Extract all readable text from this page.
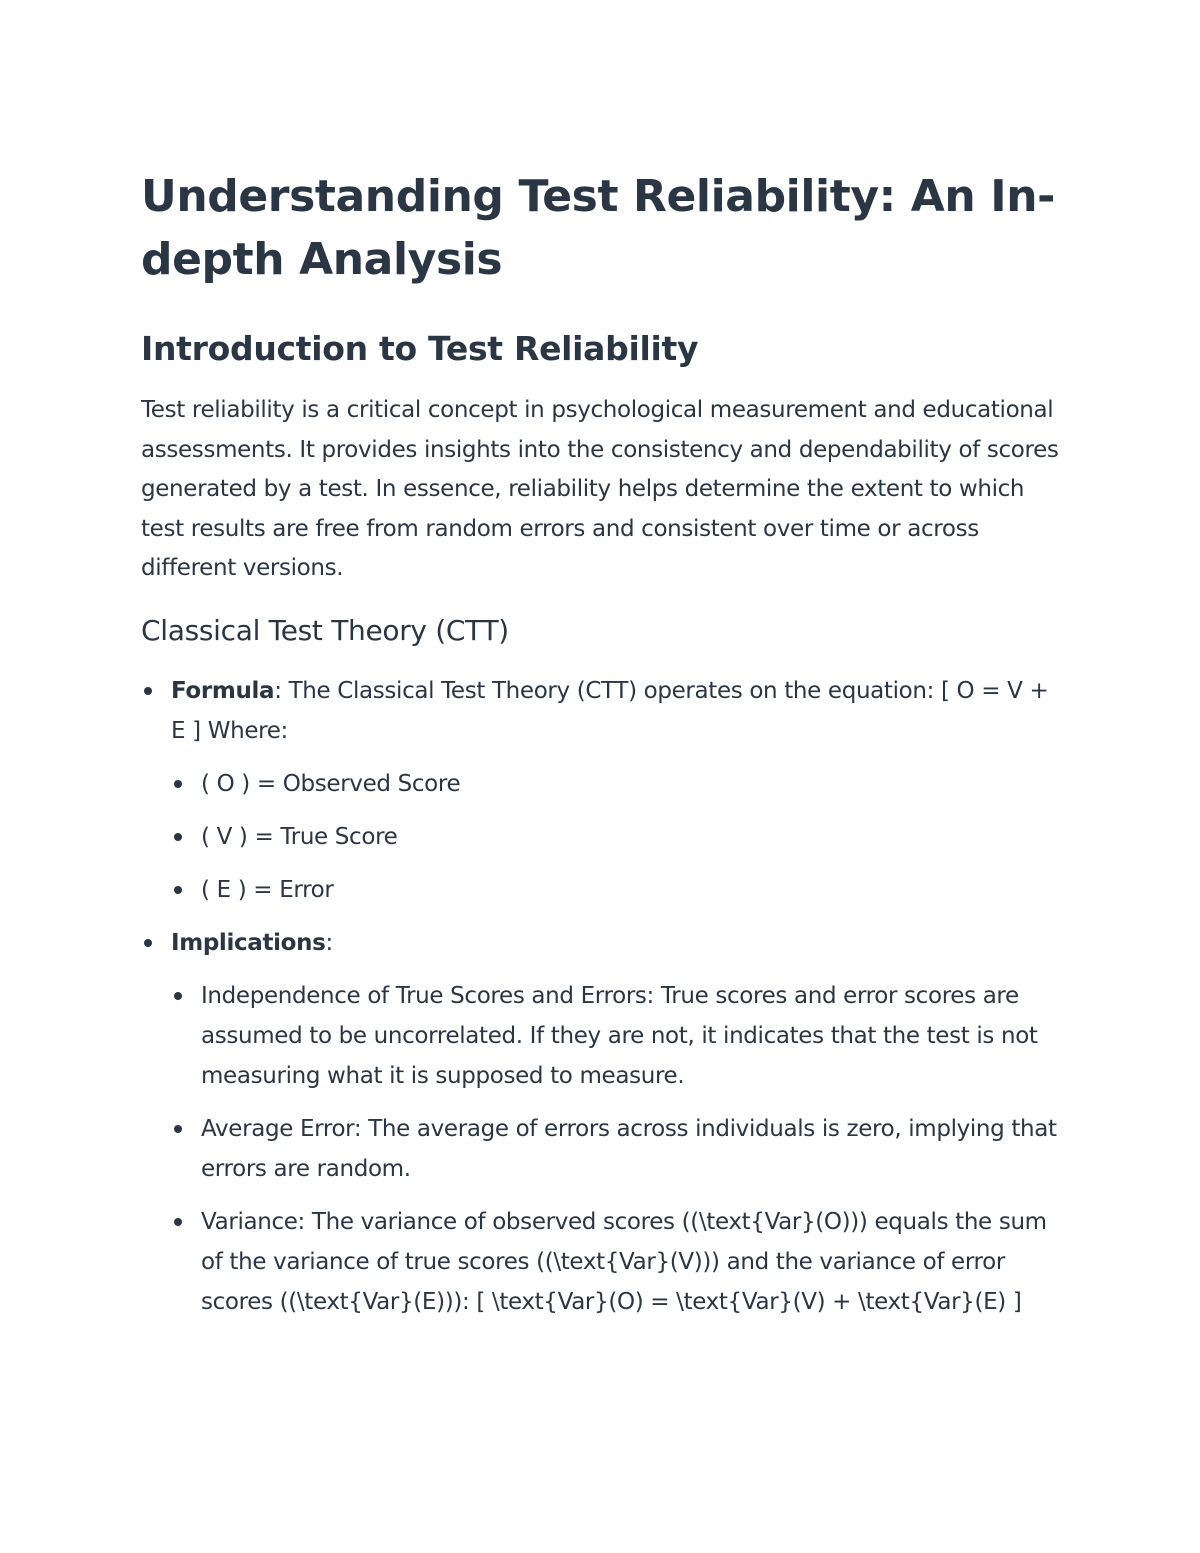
Understanding Test Reliability: An In-depth Analysis
Introduction to Test Reliability

Test reliability is a critical concept in psychological measurement and educational assessments. It provides insights into the consistency and dependability of scores generated by a test. In essence, reliability helps determine the extent to which test results are free from random errors and consistent over time or across different versions.

Classical Test Theory (CTT)
Formula: The Classical Test Theory (CTT) operates on the equation: [ O = V + E ] Where:
( O ) = Observed Score
( V ) = True Score
( E ) = Error
Implications:
Independence of True Scores and Errors: True scores and error scores are assumed to be uncorrelated. If they are not, it indicates that the test is not measuring what it is supposed to measure.
Average Error: The average of errors across individuals is zero, implying that errors are random.
Variance: The variance of observed scores ((\text{Var}(O))) equals the sum of the variance of true scores ((\text{Var}(V))) and the variance of error scores ((\text{Var}(E))): [ \text{Var}(O) = \text{Var}(V) + \text{Var}(E) ]
